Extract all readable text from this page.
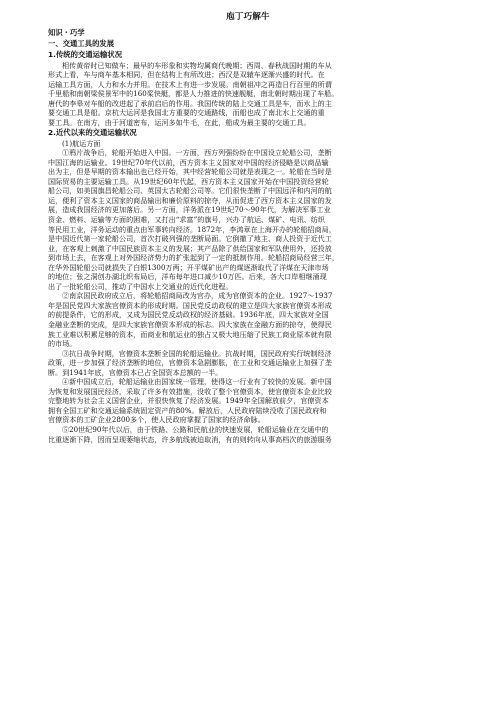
庖丁巧解牛
知识・巧学
一、交通工具的发展
1.传统的交通运输状况
相传黄帝时已知做车；最早的车形象和实物均属商代晚期；西周、春秋战国时期的车从
形式上看，车与商车基本相同，但在结构上有所改进；西汉是双辕车逐渐兴盛的时代。在
运输工具方面，人力和水力并用。在技术上有进一步发展。南朝祖冲之再造日行百里的所谓
千里船和南朝梁侯景军中的160桨快艇，都是人力推进的快速舰艇，南北朝时期出现了车船。
唐代的李皋对车船的改进起了承前启后的作用。我国传统的陆上交通工具是车，而水上的主
要交通工具是船。京杭大运河是我国北方重要的交通路线，而船也成了南北水上交通的重
要工具。在南方，由于河道密布，运河多如牛毛，在此，船成为最主要的交通工具。
2.近代以来的交通运输状况
(1)航运方面
①鸦片战争后，轮船开始进入中国。一方面，西方列强纷纷在中国设立轮船公司，垄断
中国江海的运输业。19世纪70年代以前，西方资本主义国家对中国的经济侵略是以商品输
出为主，但是早期的资本输出也已经开始，其中经营轮船公司就是表现之一。轮船在当时是
国际贸易的主要运输工具。从19世纪60年代起，西方资本主义国家开始在中国投资经营轮
船公司，如美国旗昌轮船公司、英国太古轮船公司等。它们很快垄断了中国远洋和内河的航
运，便利了资本主义国家的商品输出和廉价原料的掠夺，从而促进了西方资本主义国家的发
展，造成我国经济的更加落后。另一方面，洋务派在19世纪70～90年代，为解决军事工业
资金、燃料、运输等方面的困难，又打出“求富”的旗号，兴办了航运、煤矿、电讯、纺织
等民用工业，洋务运动的重点由军事转向经济。1872年，李鸿章在上海开办的轮船招商局，
是中国近代第一家轮船公司，首次打破列强的垄断局面。它倒撤了地主、商人投资于近代工
业，在客观上刺激了中国民族资本主义的发展；其产品除了供给国家和军队使用外，还投放
到市场上去，在客观上对外国经济势力的扩张起到了一定的抵制作用。轮船招商局经营三年，
在华外国轮船公司就损失了白银1300万两；开平煤矿出产的煤逐渐取代了洋煤在天津市场
的地位；张之洞创办湖北织布局后，洋布每年进口减少10万匹。后来，各大口岸相继涌现
出了一批轮船公司，推动了中国水上交通业的近代化进程。
②南京国民政府成立后，将轮船招商局改为官办，成为官僚资本的企业。1927～1937
年是国民党四大家族官僚资本的形成时期。国民党反动政权的建立是四大家族官僚资本形成
的前提条件，它的形成，又成为国民党反动政权的经济基础。1936年底，四大家族对全国
金融业垄断的完成，是四大家族官僚资本形成的标志。四大家族在金融方面的掠夺，使得民
族工业难以积累足够的资本，而商业和航运业的独占又极大地压缩了民族工商业原本就有限
的市场。
③抗日战争时期，官僚资本垄断全国的轮船运输业。抗战时期，国民政府实行统制经济
政策，进一步加强了经济垄断的地位，官僚资本急剧膨胀，在工业和交通运输业上加强了垄
断。到1941年底，官僚资本已占全国资本总额的一半。
④新中国成立后，轮船运输业由国家统一管理，使得这一行业有了较快的发展。新中国
为恢复和发展国民经济，采取了许多有效措施，没收了整个官僚资本，使官僚资本企业比较
完整地转为社会主义国营企业，并很快恢复了经济发展。1949年全国解放前夕，官僚资本
拥有全国工矿和交通运输系统固定资产的80%。解放后，人民政府陆续没收了国民政府和
官僚资本的工矿企业2800多个，使人民政府掌握了国家的经济命脉。
⑤20世纪90年代以后，由于铁路、公路和民航业的快速发展，轮船运输业在交通中的
比重逐渐下降，因而呈现萎缩状态，许多航线被迫取消，有的则转向从事高档次的旅游服务
